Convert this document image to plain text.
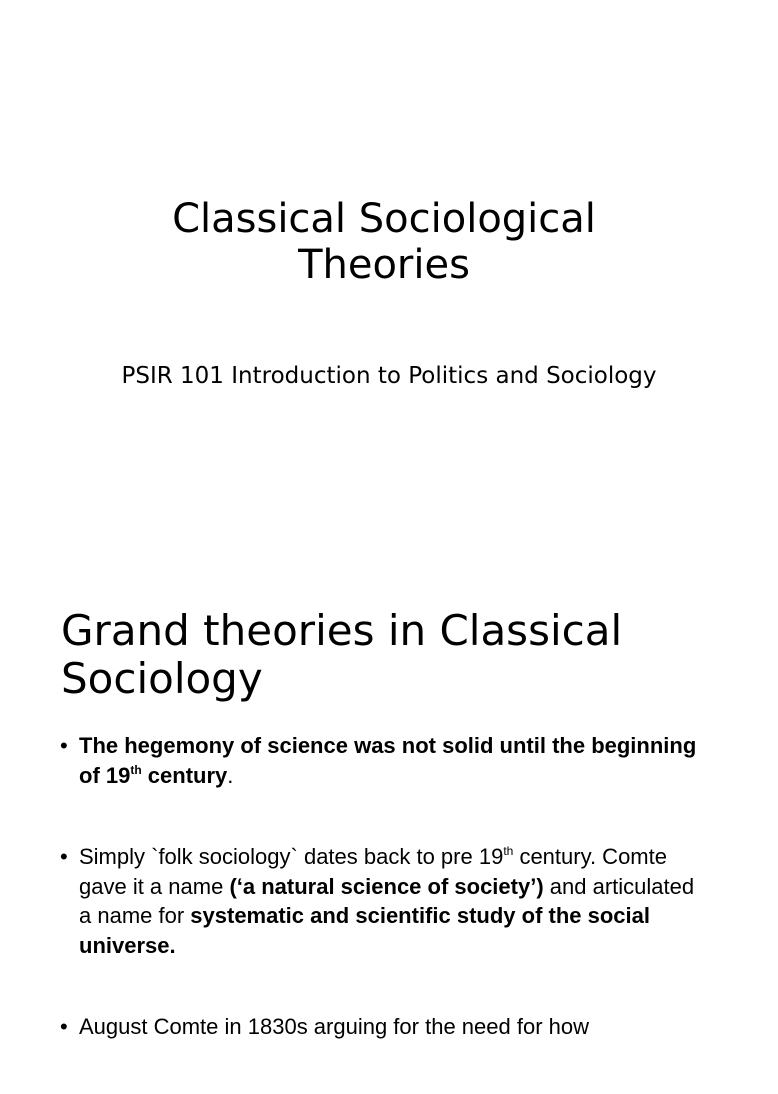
Classical Sociological
Theories
PSIR 101 Introduction to Politics and Sociology
Grand theories in Classical
Sociology
• The hegemony of science was not solid until the beginning of 19th century.
• Simply `folk sociology` dates back to pre 19th century. Comte gave it a name (‘a natural science of society’) and articulated a name for systematic and scientific study of the social universe.
• August Comte in 1830s arguing for the need for how
